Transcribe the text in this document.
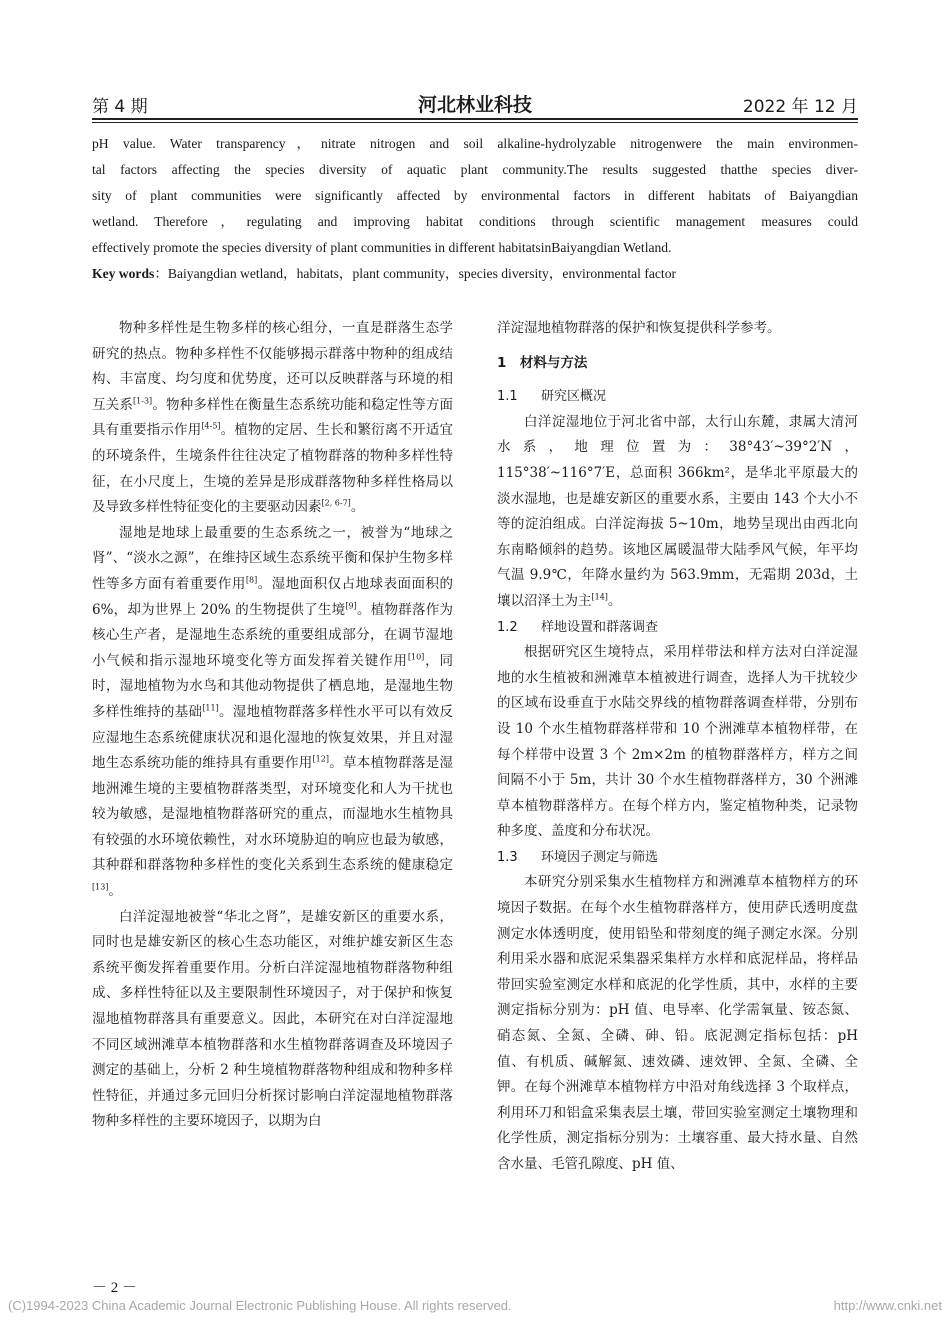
第 4 期	河北林业科技	2022 年 12 月
pH value. Water transparency，nitrate nitrogen and soil alkaline-hydrolyzable nitrogenwere the main environmen-
tal factors affecting the species diversity of aquatic plant community.The results suggested thatthe species diver-
sity of plant communities were significantly affected by environmental factors in different habitats of Baiyangdian
wetland. Therefore，regulating and improving habitat conditions through scientific management measures could
effectively promote the species diversity of plant communities in different habitatsinBaiyangdian Wetland.
Key words：Baiyangdian wetland，habitats，plant community，species diversity，environmental factor

物种多样性是生物多样的核心组分，一直是群落生态学研究的热点。物种多样性不仅能够揭示群落中物种的组成结构、丰富度、均匀度和优势度，还可以反映群落与环境的相互关系[1-3]。物种多样性在衡量生态系统功能和稳定性等方面具有重要指示作用[4-5]。植物的定居、生长和繁衍离不开适宜的环境条件，生境条件往往决定了植物群落的物种多样性特征，在小尺度上，生境的差异是形成群落物种多样性格局以及导致多样性特征变化的主要驱动因素[2, 6-7]。

湿地是地球上最重要的生态系统之一，被誉为“地球之肾”、“淡水之源”，在维持区域生态系统平衡和保护生物多样性等多方面有着重要作用[8]。湿地面积仅占地球表面面积的 6%，却为世界上 20% 的生物提供了生境[9]。植物群落作为核心生产者，是湿地生态系统的重要组成部分，在调节湿地小气候和指示湿地环境变化等方面发挥着关键作用[10]，同时，湿地植物为水鸟和其他动物提供了栖息地，是湿地生物多样性维持的基础[11]。湿地植物群落多样性水平可以有效反应湿地生态系统健康状况和退化湿地的恢复效果，并且对湿地生态系统功能的维持具有重要作用[12]。草本植物群落是湿地洲滩生境的主要植物群落类型，对环境变化和人为干扰也较为敏感，是湿地植物群落研究的重点，而湿地水生植物具有较强的水环境依赖性，对水环境胁迫的响应也最为敏感，其种群和群落物种多样性的变化关系到生态系统的健康稳定[13]。

白洋淀湿地被誉“华北之肾”，是雄安新区的重要水系，同时也是雄安新区的核心生态功能区，对维护雄安新区生态系统平衡发挥着重要作用。分析白洋淀湿地植物群落物种组成、多样性特征以及主要限制性环境因子，对于保护和恢复湿地植物群落具有重要意义。因此，本研究在对白洋淀湿地不同区域洲滩草本植物群落和水生植物群落调查及环境因子测定的基础上，分析 2 种生境植物群落物种组成和物种多样性特征，并通过多元回归分析探讨影响白洋淀湿地植物群落物种多样性的主要环境因子，以期为白

洋淀湿地植物群落的保护和恢复提供科学参考。

1　材料与方法
1.1 研究区概况

白洋淀湿地位于河北省中部，太行山东麓，隶属大清河水系，地理位置为：38°43′~39°2′N，115°38′~116°7′E，总面积 366km²，是华北平原最大的淡水湿地，也是雄安新区的重要水系，主要由 143 个大小不等的淀泊组成。白洋淀海拔 5~10m，地势呈现出由西北向东南略倾斜的趋势。该地区属暖温带大陆季风气候，年平均气温 9.9℃，年降水量约为 563.9mm，无霜期 203d，土壤以沼泽土为主[14]。

1.2 样地设置和群落调查

根据研究区生境特点，采用样带法和样方法对白洋淀湿地的水生植被和洲滩草本植被进行调查，选择人为干扰较少的区域布设垂直于水陆交界线的植物群落调查样带，分别布设 10 个水生植物群落样带和 10 个洲滩草本植物样带，在每个样带中设置 3 个 2m×2m 的植物群落样方，样方之间间隔不小于 5m，共计 30 个水生植物群落样方，30 个洲滩草本植物群落样方。在每个样方内，鉴定植物种类，记录物种多度、盖度和分布状况。

1.3 环境因子测定与筛选

本研究分别采集水生植物样方和洲滩草本植物样方的环境因子数据。在每个水生植物群落样方，使用萨氏透明度盘测定水体透明度，使用铅坠和带刻度的绳子测定水深。分别利用采水器和底泥采集器采集样方水样和底泥样品，将样品带回实验室测定水样和底泥的化学性质，其中，水样的主要测定指标分别为：pH 值、电导率、化学需氧量、铵态氮、硝态氮、全氮、全磷、砷、铅。底泥测定指标包括：pH 值、有机质、碱解氮、速效磷、速效钾、全氮、全磷、全钾。在每个洲滩草本植物样方中沿对角线选择 3 个取样点，利用环刀和铝盒采集表层土壤，带回实验室测定土壤物理和化学性质，测定指标分别为：土壤容重、最大持水量、自然含水量、毛管孔隙度、pH 值、

－ 2 －
(C)1994-2023 China Academic Journal Electronic Publishing House. All rights reserved.	http://www.cnki.net
